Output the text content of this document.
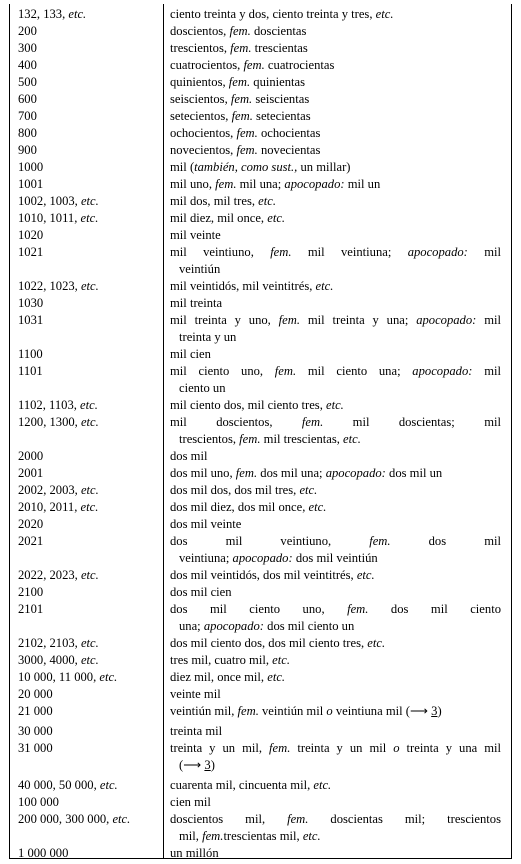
132, 133, etc.	ciento treinta y dos, ciento treinta y tres, etc.
200	doscientos, fem. doscientas
300	trescientos, fem. trescientas
400	cuatrocientos, fem. cuatrocientas
500	quinientos, fem. quinientas
600	seiscientos, fem. seiscientas
700	setecientos, fem. setecientas
800	ochocientos, fem. ochocientas
900	novecientos, fem. novecientas
1000	mil (también, como sust., un millar)
1001	mil uno, fem. mil una; apocopado: mil un
1002, 1003, etc.	mil dos, mil tres, etc.
1010, 1011, etc.	mil diez, mil once, etc.
1020	mil veinte
1021	mil veintiuno, fem. mil veintiuna; apocopado: mil
veintiún
1022, 1023, etc.	mil veintidós, mil veintitrés, etc.
1030	mil treinta
1031	mil treinta y uno, fem. mil treinta y una; apocopado: mil
treinta y un
1100	mil cien
1101	mil ciento uno, fem. mil ciento una; apocopado: mil
ciento un
1102, 1103, etc.	mil ciento dos, mil ciento tres, etc.
1200, 1300, etc.	mil doscientos, fem. mil doscientas; mil
trescientos, fem. mil trescientas, etc.
2000	dos mil
2001	dos mil uno, fem. dos mil una; apocopado: dos mil un
2002, 2003, etc.	dos mil dos, dos mil tres, etc.
2010, 2011, etc.	dos mil diez, dos mil once, etc.
2020	dos mil veinte
2021	dos mil veintiuno, fem. dos mil
veintiuna; apocopado: dos mil veintiún
2022, 2023, etc.	dos mil veintidós, dos mil veintitrés, etc.
2100	dos mil cien
2101	dos mil ciento uno, fem. dos mil ciento
una; apocopado: dos mil ciento un
2102, 2103, etc.	dos mil ciento dos, dos mil ciento tres, etc.
3000, 4000, etc.	tres mil, cuatro mil, etc.
10 000, 11 000, etc.	diez mil, once mil, etc.
20 000	veinte mil
21 000	veintiún mil, fem. veintiún mil o veintiuna mil (⟶ 3)
30 000	treinta mil
31 000	treinta y un mil, fem. treinta y un mil o treinta y una mil
(⟶ 3)
40 000, 50 000, etc.	cuarenta mil, cincuenta mil, etc.
100 000	cien mil
200 000, 300 000, etc.	doscientos mil, fem. doscientas mil; trescientos
mil, fem.trescientas mil, etc.
1 000 000	un millón
